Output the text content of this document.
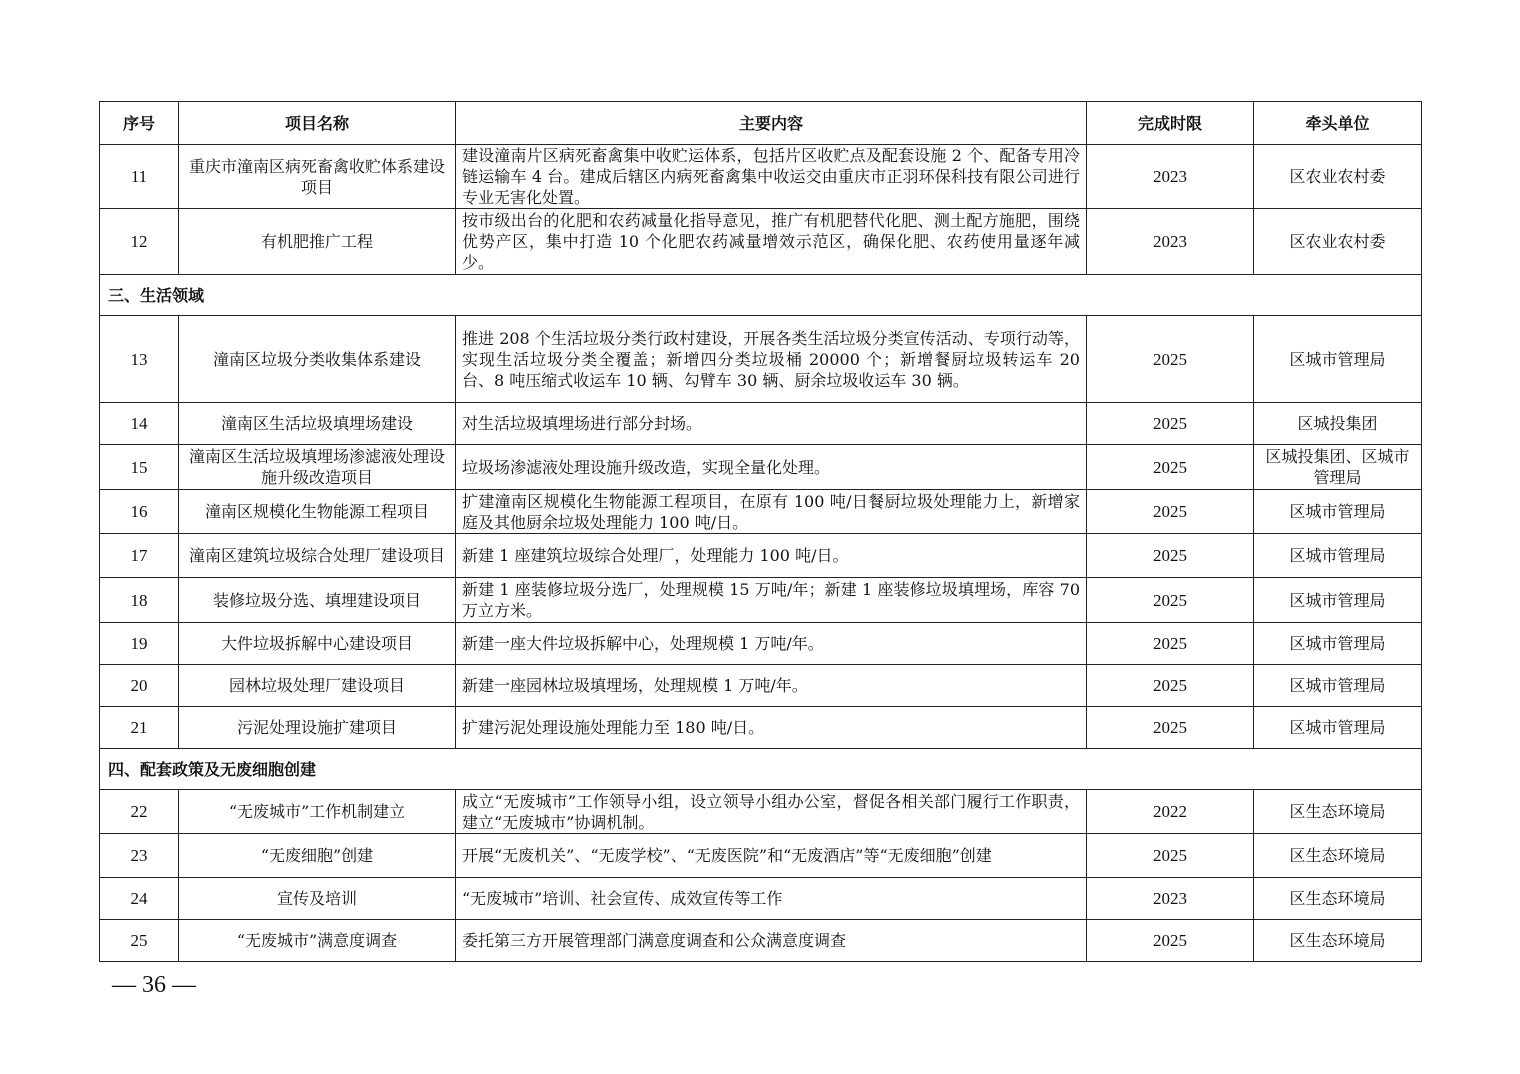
序号	项目名称	主要内容	完成时限	牵头单位
11	重庆市潼南区病死畜禽收贮体系建设项目	建设潼南片区病死畜禽集中收贮运体系，包括片区收贮点及配套设施 2 个、配备专用冷链运输车 4 台。建成后辖区内病死畜禽集中收运交由重庆市正羽环保科技有限公司进行专业无害化处置。	2023	区农业农村委
12	有机肥推广工程	按市级出台的化肥和农药减量化指导意见，推广有机肥替代化肥、测土配方施肥，围绕优势产区，集中打造 10 个化肥农药减量增效示范区，确保化肥、农药使用量逐年减少。	2023	区农业农村委
三、生活领域				
13	潼南区垃圾分类收集体系建设	推进 208 个生活垃圾分类行政村建设，开展各类生活垃圾分类宣传活动、专项行动等，实现生活垃圾分类全覆盖；新增四分类垃圾桶 20000 个；新增餐厨垃圾转运车 20 台、8 吨压缩式收运车 10 辆、勾臂车 30 辆、厨余垃圾收运车 30 辆。	2025	区城市管理局
14	潼南区生活垃圾填埋场建设	对生活垃圾填埋场进行部分封场。	2025	区城投集团
15	潼南区生活垃圾填埋场渗滤液处理设施升级改造项目	垃圾场渗滤液处理设施升级改造，实现全量化处理。	2025	区城投集团、区城市管理局
16	潼南区规模化生物能源工程项目	扩建潼南区规模化生物能源工程项目，在原有 100 吨/日餐厨垃圾处理能力上，新增家庭及其他厨余垃圾处理能力 100 吨/日。	2025	区城市管理局
17	潼南区建筑垃圾综合处理厂建设项目	新建 1 座建筑垃圾综合处理厂，处理能力 100 吨/日。	2025	区城市管理局
18	装修垃圾分选、填埋建设项目	新建 1 座装修垃圾分选厂，处理规模 15 万吨/年；新建 1 座装修垃圾填埋场，库容 70 万立方米。	2025	区城市管理局
19	大件垃圾拆解中心建设项目	新建一座大件垃圾拆解中心，处理规模 1 万吨/年。	2025	区城市管理局
20	园林垃圾处理厂建设项目	新建一座园林垃圾填埋场，处理规模 1 万吨/年。	2025	区城市管理局
21	污泥处理设施扩建项目	扩建污泥处理设施处理能力至 180 吨/日。	2025	区城市管理局
四、配套政策及无废细胞创建				
22	“无废城市”工作机制建立	成立“无废城市”工作领导小组，设立领导小组办公室，督促各相关部门履行工作职责，建立“无废城市”协调机制。	2022	区生态环境局
23	“无废细胞”创建	开展“无废机关”、“无废学校”、“无废医院”和“无废酒店”等“无废细胞”创建	2025	区生态环境局
24	宣传及培训	“无废城市”培训、社会宣传、成效宣传等工作	2023	区生态环境局
25	“无废城市”满意度调查	委托第三方开展管理部门满意度调查和公众满意度调查	2025	区生态环境局
— 36 —
